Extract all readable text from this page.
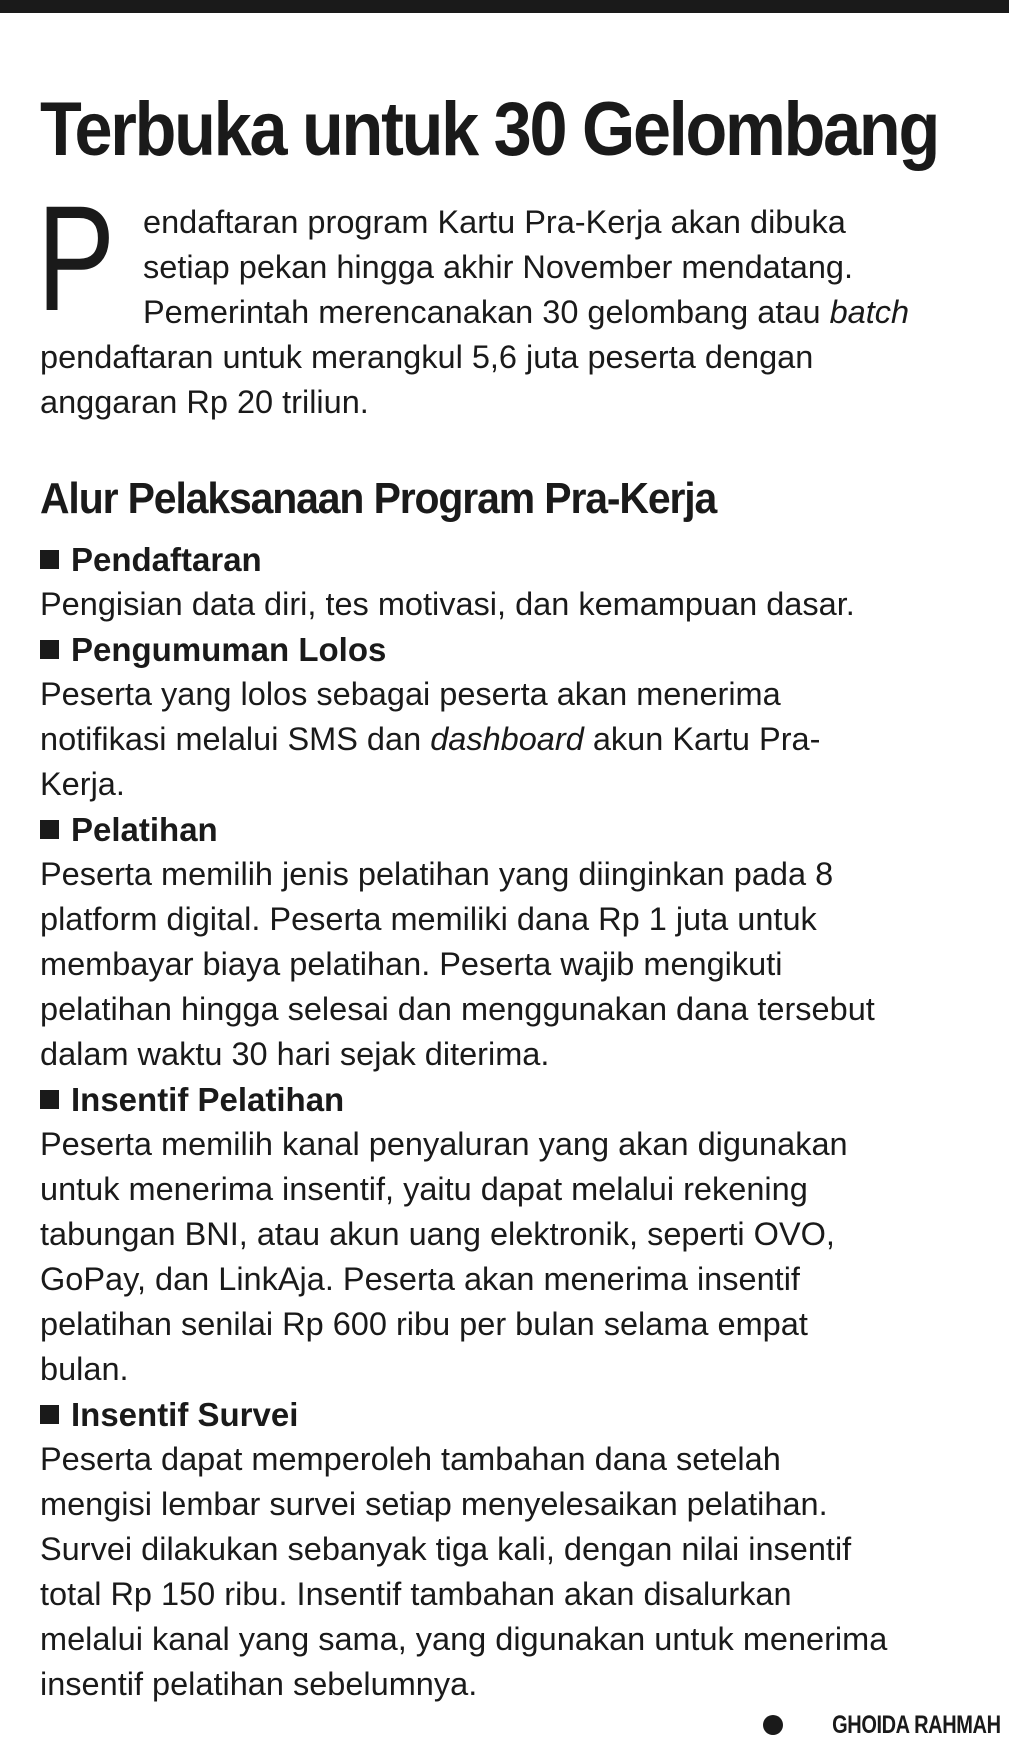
Terbuka untuk 30 Gelombang
P endaftaran program Kartu Pra-Kerja akan dibuka
setiap pekan hingga akhir November mendatang.
Pemerintah merencanakan 30 gelombang atau batch
pendaftaran untuk merangkul 5,6 juta peserta dengan
anggaran Rp 20 triliun.
Alur Pelaksanaan Program Pra-Kerja
Pendaftaran
Pengisian data diri, tes motivasi, dan kemampuan dasar.
Pengumuman Lolos
Peserta yang lolos sebagai peserta akan menerima
notifikasi melalui SMS dan dashboard akun Kartu Pra-
Kerja.
Pelatihan
Peserta memilih jenis pelatihan yang diinginkan pada 8
platform digital. Peserta memiliki dana Rp 1 juta untuk
membayar biaya pelatihan. Peserta wajib mengikuti
pelatihan hingga selesai dan menggunakan dana tersebut
dalam waktu 30 hari sejak diterima.
Insentif Pelatihan
Peserta memilih kanal penyaluran yang akan digunakan
untuk menerima insentif, yaitu dapat melalui rekening
tabungan BNI, atau akun uang elektronik, seperti OVO,
GoPay, dan LinkAja. Peserta akan menerima insentif
pelatihan senilai Rp 600 ribu per bulan selama empat
bulan.
Insentif Survei
Peserta dapat memperoleh tambahan dana setelah
mengisi lembar survei setiap menyelesaikan pelatihan.
Survei dilakukan sebanyak tiga kali, dengan nilai insentif
total Rp 150 ribu. Insentif tambahan akan disalurkan
melalui kanal yang sama, yang digunakan untuk menerima
insentif pelatihan sebelumnya.
GHOIDA RAHMAH
